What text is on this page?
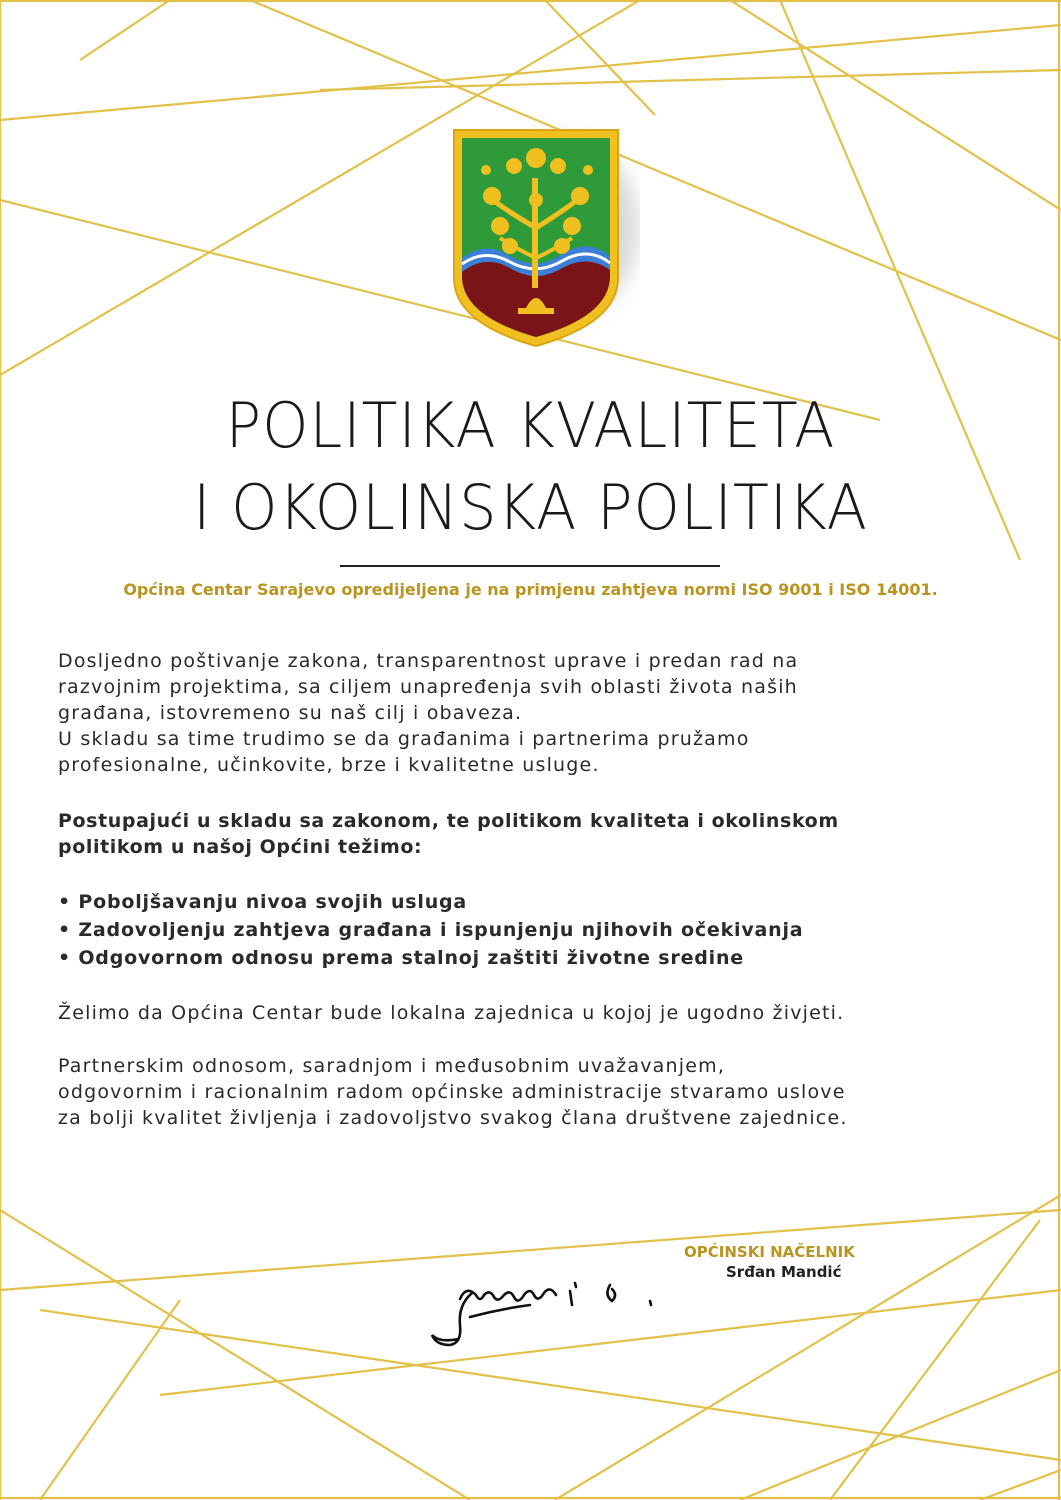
POLITIKA KVALITETA
I OKOLINSKA POLITIKA
Općina Centar Sarajevo opredijeljena je na primjenu zahtjeva normi ISO 9001 i ISO 14001.

Dosljedno poštivanje zakona, transparentnost uprave i predan rad na
razvojnim projektima, sa ciljem unapređenja svih oblasti života naših
građana, istovremeno su naš cilj i obaveza.
U skladu sa time trudimo se da građanima i partnerima pružamo
profesionalne, učinkovite, brze i kvalitetne usluge.

Postupajući u skladu sa zakonom, te politikom kvaliteta i okolinskom
politikom u našoj Općini težimo:

• Poboljšavanju nivoa svojih usluga
• Zadovoljenju zahtjeva građana i ispunjenju njihovih očekivanja
• Odgovornom odnosu prema stalnoj zaštiti životne sredine

Želimo da Općina Centar bude lokalna zajednica u kojoj je ugodno živjeti.

Partnerskim odnosom, saradnjom i međusobnim uvažavanjem,
odgovornim i racionalnim radom općinske administracije stvaramo uslove
za bolji kvalitet življenja i zadovoljstvo svakog člana društvene zajednice.

OPĆINSKI NAČELNIK
Srđan Mandić
